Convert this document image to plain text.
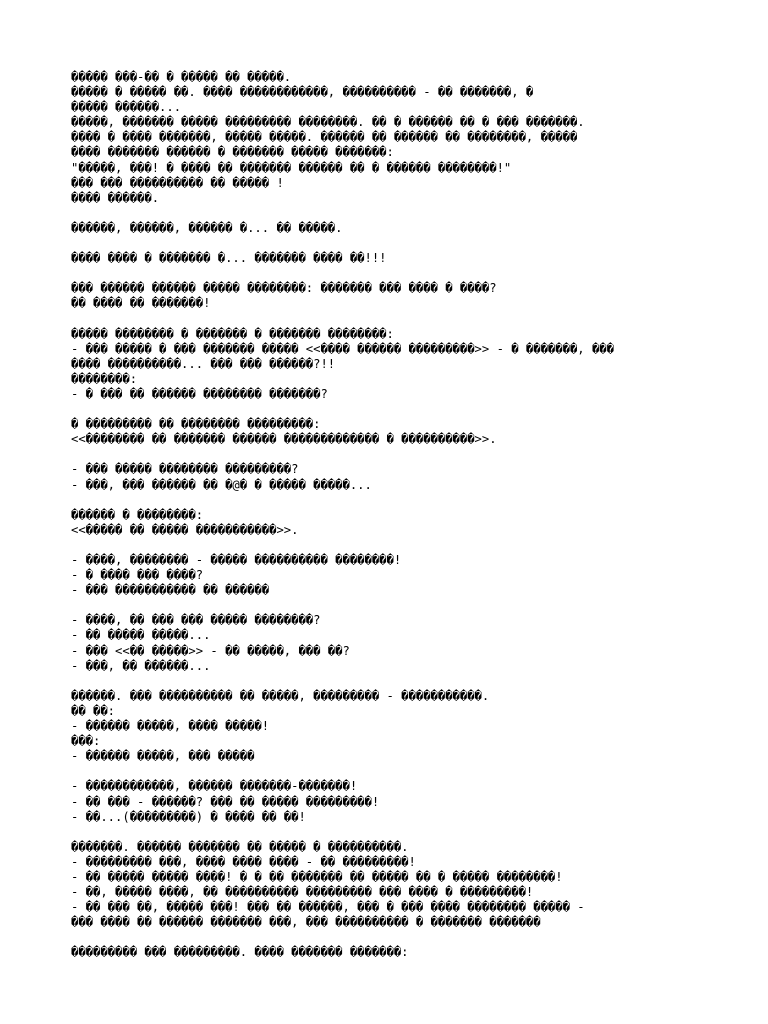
����� ���-�� � ����� �� �����.
����� � ����� ��. ���� ������������, ���������� - �� �������, �
����� ������...
�����, ������� ����� ��������� ��������. �� � ������ �� � ��� �������.
���� � ���� �������, ����� �����. ������ �� ������ �� ��������, �����
���� ������� ������ � ������� ����� �������:
"�����, ���! � ���� �� ������� ������ �� � ������ ��������!"
��� ��� ���������� �� ����� !
���� ������.
������, ������, ������ �... �� �����.
���� ���� � ������� �... ������� ���� ��!!!
��� ������ ������ ����� ��������: ������� ��� ���� � ����?
�� ���� �� �������!
����� �������� � ������� � ������� ��������:
- ��� ����� � ��� ������� ����� <<���� ������ ���������>> - � �������, ���
���� ����������... ��� ��� ������?!!
��������:
- � ��� �� ������ �������� �������?
� ��������� �� �������� ���������:
<<�������� �� ������� ������ ������������� � ����������>>.
- ��� ����� �������� ���������?
- ���, ��� ������ �� �@� � ����� �����...
������ � ��������:
<<����� �� ����� �����������>>.
- ����, �������� - ����� ���������� ��������!
- � ���� ��� ����?
- ��� ����������� �� ������
- ����, �� ��� ��� ����� ��������?
- �� ����� �����...
- ��� <<�� �����>> - �� �����, ��� ��?
- ���, �� ������...
������. ��� ���������� �� �����, ��������� - �����������.
�� ��:
- ������ �����, ���� �����!
���:
- ������ �����, ��� �����
- ������������, ������ �������-�������!
- �� ��� - ������? ��� �� ����� ���������!
- ��...(���������) � ���� �� ��!
�������. ������ ������� �� ����� � ����������.
- ��������� ���, ���� ���� ���� - �� ���������!
- �� ����� ����� ����! � � �� ������� �� ����� �� � ����� ��������!
- ��, ����� ����, �� ���������� ��������� ��� ���� � ���������!
- �� ��� ��, ����� ���! ��� �� ������, ��� � ��� ���� �������� ����� -
��� ���� �� ������ ������� ���, ��� ���������� � ������� �������
��������� ��� ���������. ���� ������� �������:
